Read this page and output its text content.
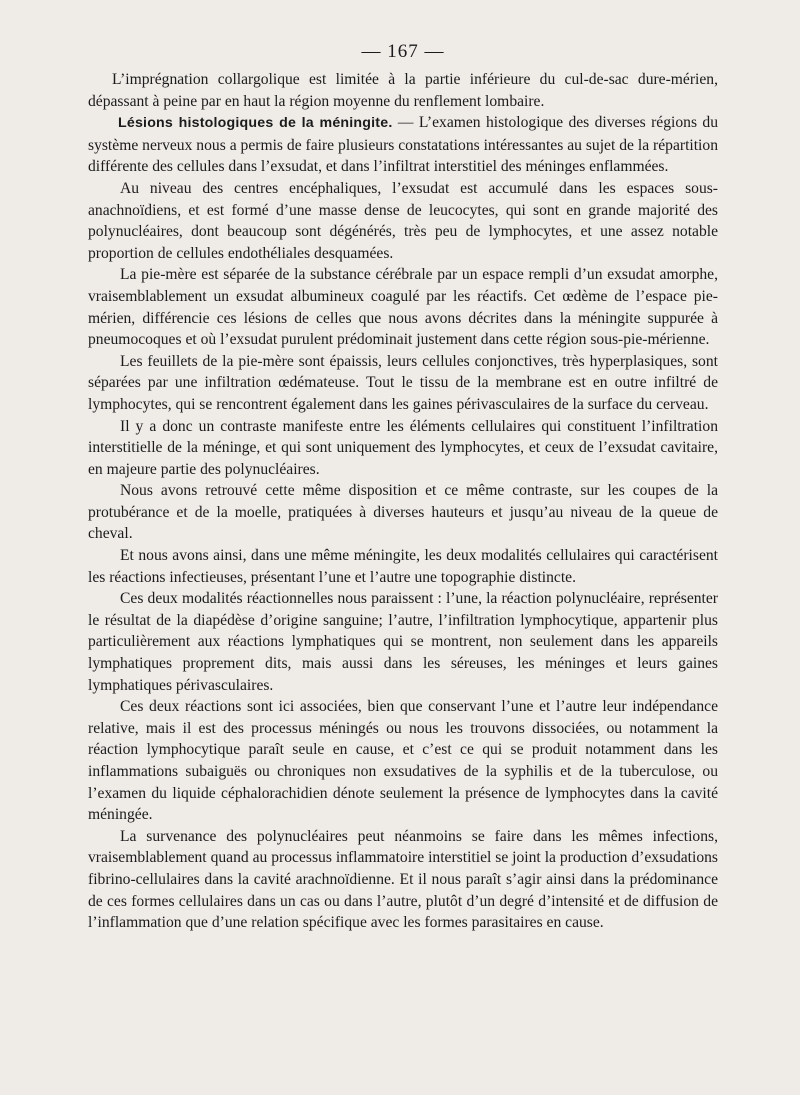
— 167 —

L’imprégnation collargolique est limitée à la partie inférieure du cul-de-sac dure-mérien, dépassant à peine par en haut la région moyenne du renflement lombaire.

Lésions histologiques de la méningite. — L’examen histologique des diverses régions du système nerveux nous a permis de faire plusieurs constatations intéressantes au sujet de la répartition différente des cellules dans l’exsudat, et dans l’infiltrat interstitiel des méninges enflammées.

Au niveau des centres encéphaliques, l’exsudat est accumulé dans les espaces sous-anachnoïdiens, et est formé d’une masse dense de leucocytes, qui sont en grande majorité des polynucléaires, dont beaucoup sont dégénérés, très peu de lymphocytes, et une assez notable proportion de cellules endothéliales desquamées.

La pie-mère est séparée de la substance cérébrale par un espace rempli d’un exsudat amorphe, vraisemblablement un exsudat albumineux coagulé par les réactifs. Cet œdème de l’espace pie-mérien, différencie ces lésions de celles que nous avons décrites dans la méningite suppurée à pneumocoques et où l’exsudat purulent prédominait justement dans cette région sous-pie-mérienne.

Les feuillets de la pie-mère sont épaissis, leurs cellules conjonctives, très hyperplasiques, sont séparées par une infiltration œdémateuse. Tout le tissu de la membrane est en outre infiltré de lymphocytes, qui se rencontrent également dans les gaines périvasculaires de la surface du cerveau.

Il y a donc un contraste manifeste entre les éléments cellulaires qui constituent l’infiltration interstitielle de la méninge, et qui sont uniquement des lymphocytes, et ceux de l’exsudat cavitaire, en majeure partie des polynucléaires.

Nous avons retrouvé cette même disposition et ce même contraste, sur les coupes de la protubérance et de la moelle, pratiquées à diverses hauteurs et jusqu’au niveau de la queue de cheval.

Et nous avons ainsi, dans une même méningite, les deux modalités cellulaires qui caractérisent les réactions infectieuses, présentant l’une et l’autre une topographie distincte.

Ces deux modalités réactionnelles nous paraissent : l’une, la réaction polynucléaire, représenter le résultat de la diapédèse d’origine sanguine; l’autre, l’infiltration lymphocytique, appartenir plus particulièrement aux réactions lymphatiques qui se montrent, non seulement dans les appareils lymphatiques proprement dits, mais aussi dans les séreuses, les méninges et leurs gaines lymphatiques périvasculaires.

Ces deux réactions sont ici associées, bien que conservant l’une et l’autre leur indépendance relative, mais il est des processus méningés ou nous les trouvons dissociées, ou notamment la réaction lymphocytique paraît seule en cause, et c’est ce qui se produit notamment dans les inflammations subaiguës ou chroniques non exsudatives de la syphilis et de la tuberculose, ou l’examen du liquide céphalorachidien dénote seulement la présence de lymphocytes dans la cavité méningée.

La survenance des polynucléaires peut néanmoins se faire dans les mêmes infections, vraisemblablement quand au processus inflammatoire interstitiel se joint la production d’exsudations fibrino-cellulaires dans la cavité arachnoïdienne. Et il nous paraît s’agir ainsi dans la prédominance de ces formes cellulaires dans un cas ou dans l’autre, plutôt d’un degré d’intensité et de diffusion de l’inflammation que d’une relation spécifique avec les formes parasitaires en cause.
